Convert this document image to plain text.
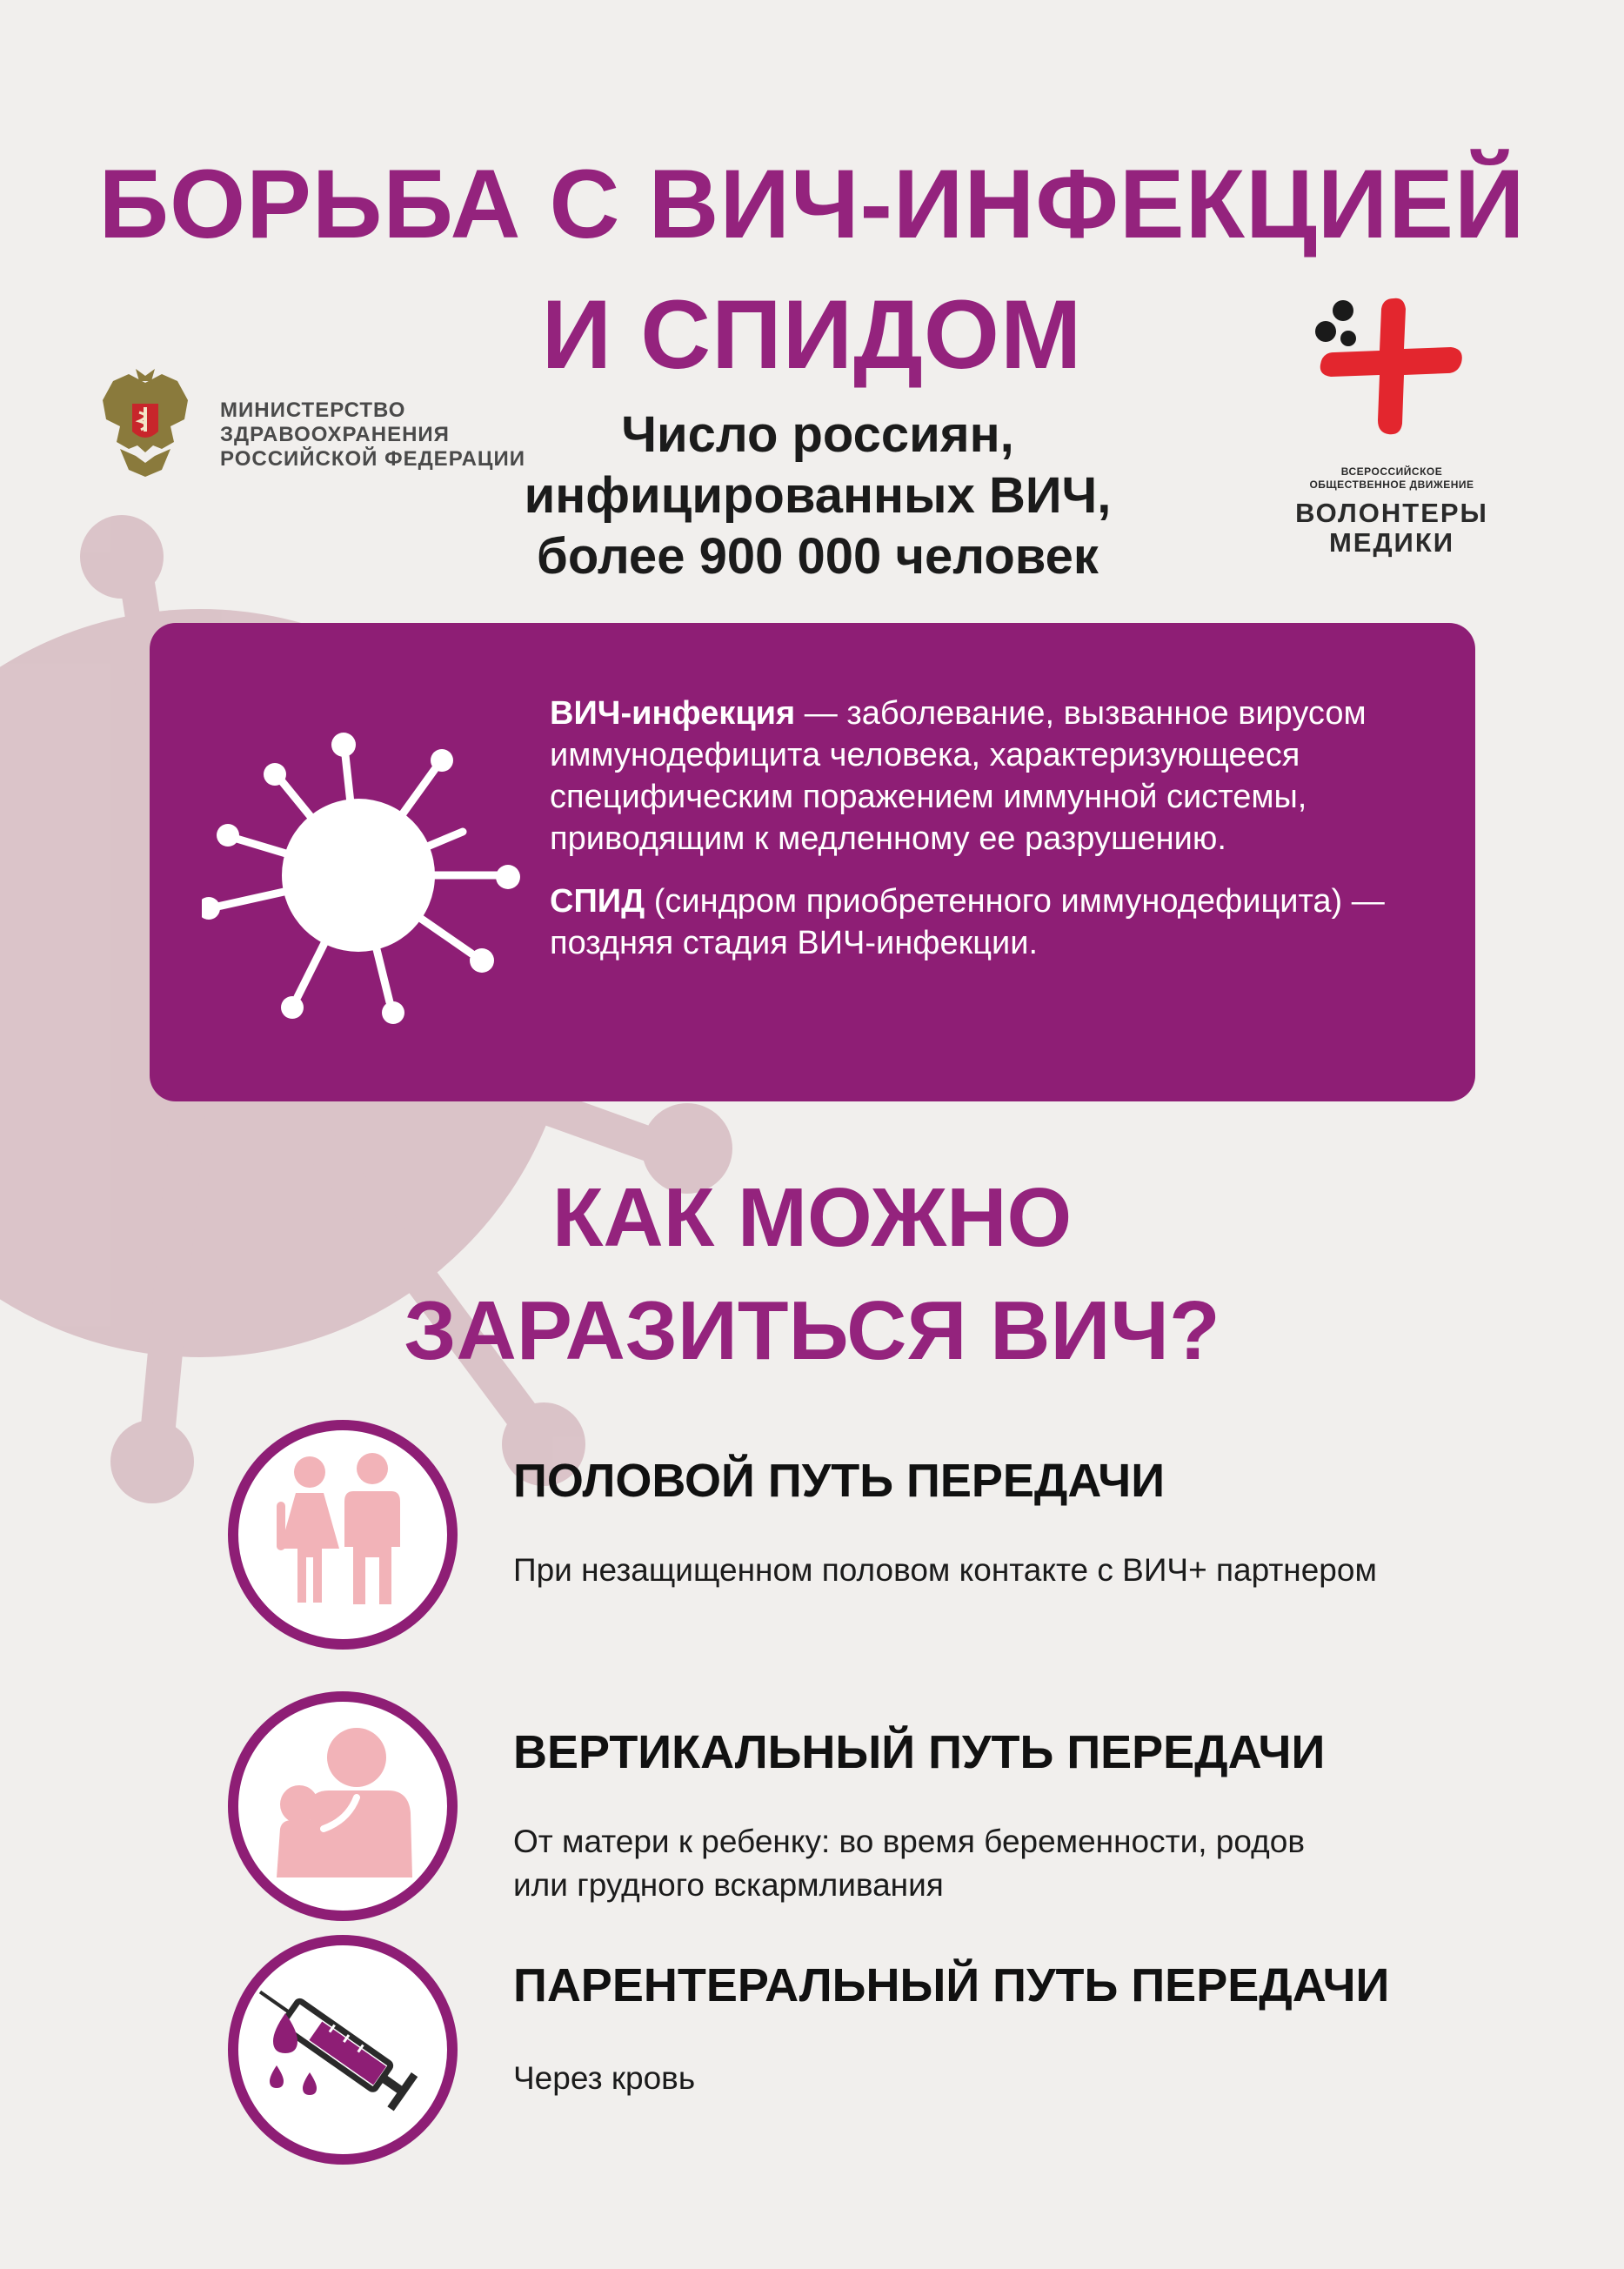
БОРЬБА С ВИЧ-ИНФЕКЦИЕЙ
И СПИДОМ
МИНИСТЕРСТВО
ЗДРАВООХРАНЕНИЯ
РОССИЙСКОЙ ФЕДЕРАЦИИ	Число россиян,
инфицированных ВИЧ,
более 900 000 человек
ВСЕРОССИЙСКОЕ
ОБЩЕСТВЕННОЕ ДВИЖЕНИЕ
ВОЛОНТЕРЫ
МЕДИКИ

ВИЧ-инфекция — заболевание, вызванное вирусом иммунодефицита человека, характеризующееся специфическим поражением иммунной системы, приводящим к медленному ее разрушению.

СПИД (синдром приобретенного иммунодефицита) — поздняя стадия ВИЧ-инфекции.

КАК МОЖНО
ЗАРАЗИТЬСЯ ВИЧ?
ПОЛОВОЙ ПУТЬ ПЕРЕДАЧИ
При незащищенном половом контакте с ВИЧ+ партнером
ВЕРТИКАЛЬНЫЙ ПУТЬ ПЕРЕДАЧИ
От матери к ребенку: во время беременности, родов
или грудного вскармливания
ПАРЕНТЕРАЛЬНЫЙ ПУТЬ ПЕРЕДАЧИ
Через кровь
